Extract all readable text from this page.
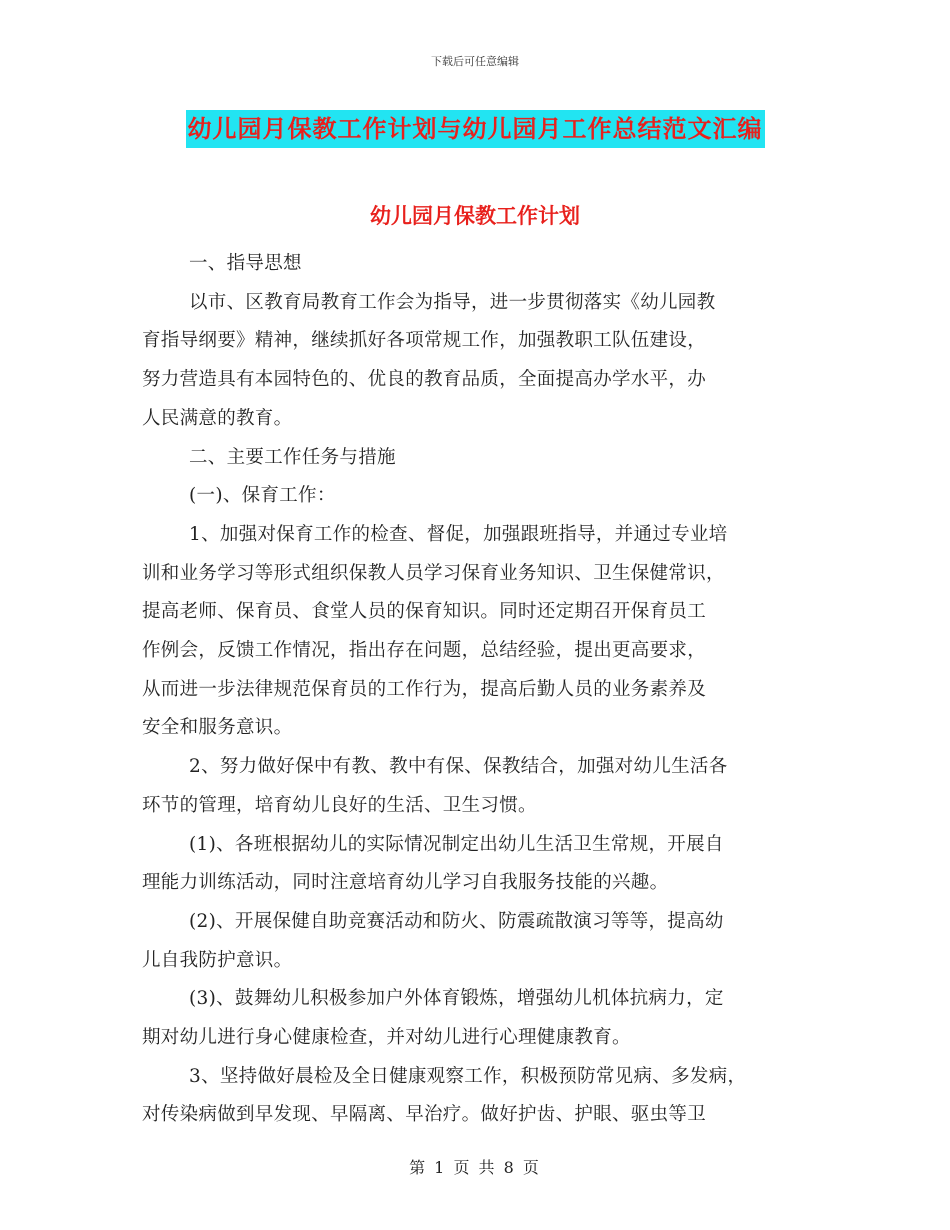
下载后可任意编辑
幼儿园月保教工作计划与幼儿园月工作总结范文汇编
幼儿园月保教工作计划

一、指导思想

以市、区教育局教育工作会为指导，进一步贯彻落实《幼儿园教

育指导纲要》精神，继续抓好各项常规工作，加强教职工队伍建设，

努力营造具有本园特色的、优良的教育品质，全面提高办学水平，办

人民满意的教育。

二、主要工作任务与措施

(一)、保育工作：

1、加强对保育工作的检查、督促，加强跟班指导，并通过专业培

训和业务学习等形式组织保教人员学习保育业务知识、卫生保健常识，

提高老师、保育员、食堂人员的保育知识。同时还定期召开保育员工

作例会，反馈工作情况，指出存在问题，总结经验，提出更高要求，

从而进一步法律规范保育员的工作行为，提高后勤人员的业务素养及

安全和服务意识。

2、努力做好保中有教、教中有保、保教结合，加强对幼儿生活各

环节的管理，培育幼儿良好的生活、卫生习惯。

(1)、各班根据幼儿的实际情况制定出幼儿生活卫生常规，开展自

理能力训练活动，同时注意培育幼儿学习自我服务技能的兴趣。

(2)、开展保健自助竞赛活动和防火、防震疏散演习等等，提高幼

儿自我防护意识。

(3)、鼓舞幼儿积极参加户外体育锻炼，增强幼儿机体抗病力，定

期对幼儿进行身心健康检查，并对幼儿进行心理健康教育。

3、坚持做好晨检及全日健康观察工作，积极预防常见病、多发病，

对传染病做到早发现、早隔离、早治疗。做好护齿、护眼、驱虫等卫

第 1 页 共 8 页
